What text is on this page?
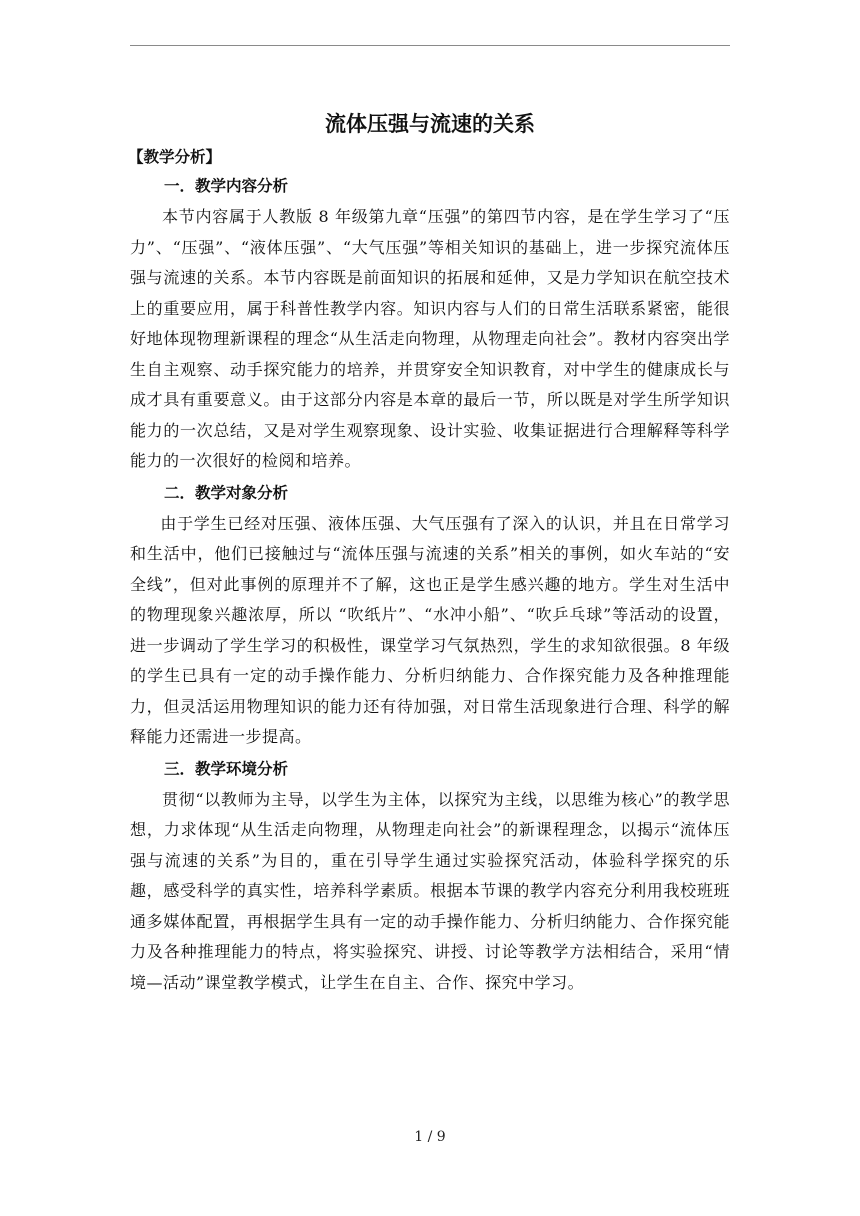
流体压强与流速的关系
【教学分析】
一．教学内容分析

本节内容属于人教版 8 年级第九章“压强”的第四节内容，是在学生学习了“压力”、“压强”、“液体压强”、“大气压强”等相关知识的基础上，进一步探究流体压强与流速的关系。本节内容既是前面知识的拓展和延伸，又是力学知识在航空技术上的重要应用，属于科普性教学内容。知识内容与人们的日常生活联系紧密，能很好地体现物理新课程的理念“从生活走向物理，从物理走向社会”。教材内容突出学生自主观察、动手探究能力的培养，并贯穿安全知识教育，对中学生的健康成长与成才具有重要意义。由于这部分内容是本章的最后一节，所以既是对学生所学知识能力的一次总结，又是对学生观察现象、设计实验、收集证据进行合理解释等科学能力的一次很好的检阅和培养。

二．教学对象分析

由于学生已经对压强、液体压强、大气压强有了深入的认识，并且在日常学习和生活中，他们已接触过与“流体压强与流速的关系”相关的事例，如火车站的“安全线”，但对此事例的原理并不了解，这也正是学生感兴趣的地方。学生对生活中的物理现象兴趣浓厚，所以 “吹纸片”、“水冲小船”、“吹乒乓球”等活动的设置，进一步调动了学生学习的积极性，课堂学习气氛热烈，学生的求知欲很强。8 年级的学生已具有一定的动手操作能力、分析归纳能力、合作探究能力及各种推理能力，但灵活运用物理知识的能力还有待加强，对日常生活现象进行合理、科学的解释能力还需进一步提高。

三．教学环境分析

贯彻“以教师为主导，以学生为主体，以探究为主线，以思维为核心”的教学思想，力求体现“从生活走向物理，从物理走向社会”的新课程理念，以揭示“流体压强与流速的关系”为目的，重在引导学生通过实验探究活动，体验科学探究的乐趣，感受科学的真实性，培养科学素质。根据本节课的教学内容充分利用我校班班通多媒体配置，再根据学生具有一定的动手操作能力、分析归纳能力、合作探究能力及各种推理能力的特点，将实验探究、讲授、讨论等教学方法相结合，采用“情境—活动”课堂教学模式，让学生在自主、合作、探究中学习。

1 / 9
